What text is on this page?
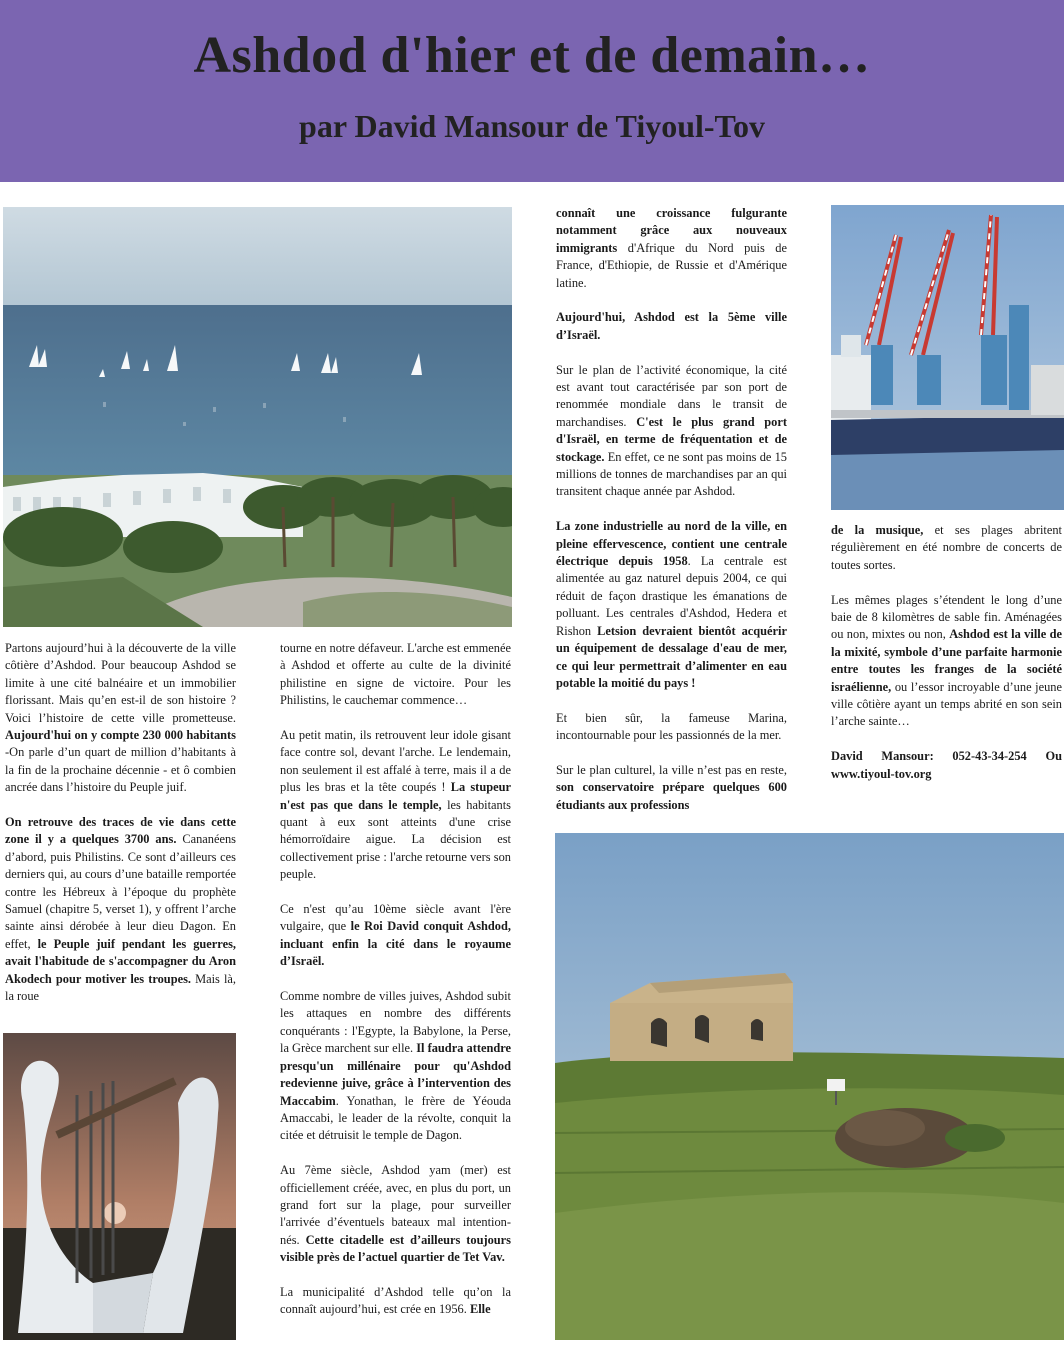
Ashdod d'hier et de demain…
par David Mansour de Tiyoul-Tov

Partons aujourd’hui à la découverte de la ville côtière d’Ashdod. Pour beaucoup Ashdod se limite à une cité balnéaire et un immobilier florissant. Mais qu’en est-il de son histoire ? Voici l’histoire de cette ville prometteuse. Aujourd'hui on y compte 230 000 habitants -On parle d’un quart de million d’habitants à la fin de la prochaine décennie - et ô combien ancrée dans l’histoire du Peuple juif.

On retrouve des traces de vie dans cette zone il y a quelques 3700 ans. Cananéens d’abord, puis Philistins. Ce sont d’ailleurs ces derniers qui, au cours d’une bataille remportée contre les Hébreux à l’époque du prophète Samuel (chapitre 5, verset 1), y offrent l’arche sainte ainsi dérobée à leur dieu Dagon. En effet, le Peuple juif pendant les guerres, avait l'habitude de s'accompagner du Aron Akodech pour motiver les troupes. Mais là, la roue

tourne en notre défaveur. L'arche est emmenée à Ashdod et offerte au culte de la divinité philistine en signe de victoire. Pour les Philistins, le cauchemar commence…

Au petit matin, ils retrouvent leur idole gisant face contre sol, devant l'arche. Le lendemain, non seulement il est affalé à terre, mais il a de plus les bras et la tête coupés ! La stupeur n'est pas que dans le temple, les habitants quant à eux sont atteints d'une crise hémorroïdaire aigue. La décision est collectivement prise : l'arche retourne vers son peuple.

Ce n'est qu’au 10ème siècle avant l'ère vulgaire, que le Roi David conquit Ashdod, incluant enfin la cité dans le royaume d’Israël.

Comme nombre de villes juives, Ashdod subit les attaques en nombre des différents conquérants : l'Egypte, la Babylone, la Perse, la Grèce marchent sur elle. Il faudra attendre presqu'un millénaire pour qu'Ashdod redevienne juive, grâce à l’intervention des Maccabim. Yonathan, le frère de Yéouda Amaccabi, le leader de la révolte, conquit la citée et détruisit le temple de Dagon.

Au 7ème siècle, Ashdod yam (mer) est officiellement créée, avec, en plus du port, un grand fort sur la plage, pour surveiller l'arrivée d’éventuels bateaux mal intention-nés. Cette citadelle est d’ailleurs toujours visible près de l’actuel quartier de Tet Vav.

La municipalité d’Ashdod telle qu’on la connaît aujourd’hui, est crée en 1956. Elle

connaît une croissance fulgurante notamment grâce aux nouveaux immigrants d'Afrique du Nord puis de France, d'Ethiopie, de Russie et d'Amérique latine.

Aujourd'hui, Ashdod est la 5ème ville d’Israël.

Sur le plan de l’activité économique, la cité est avant tout caractérisée par son port de renommée mondiale dans le transit de marchandises. C'est le plus grand port d'Israël, en terme de fréquentation et de stockage. En effet, ce ne sont pas moins de 15 millions de tonnes de marchandises par an qui transitent chaque année par Ashdod.

La zone industrielle au nord de la ville, en pleine effervescence, contient une centrale électrique depuis 1958. La centrale est alimentée au gaz naturel depuis 2004, ce qui réduit de façon drastique les émanations de polluant. Les centrales d'Ashdod, Hedera et Rishon Letsion devraient bientôt acquérir un équipement de dessalage d'eau de mer, ce qui leur permettrait d’alimenter en eau potable la moitié du pays !

Et bien sûr, la fameuse Marina, incontournable pour les passionnés de la mer.

Sur le plan culturel, la ville n’est pas en reste, son conservatoire prépare quelques 600 étudiants aux professions

de la musique, et ses plages abritent régulièrement en été nombre de concerts de toutes sortes.

Les mêmes plages s’étendent le long d’une baie de 8 kilomètres de sable fin. Aménagées ou non, mixtes ou non, Ashdod est la ville de la mixité, symbole d’une parfaite harmonie entre toutes les franges de la société israélienne, ou l’essor incroyable d’une jeune ville côtière ayant un temps abrité en son sein l’arche sainte…

David Mansour: 052-43-34-254 Ou www.tiyoul-tov.org
